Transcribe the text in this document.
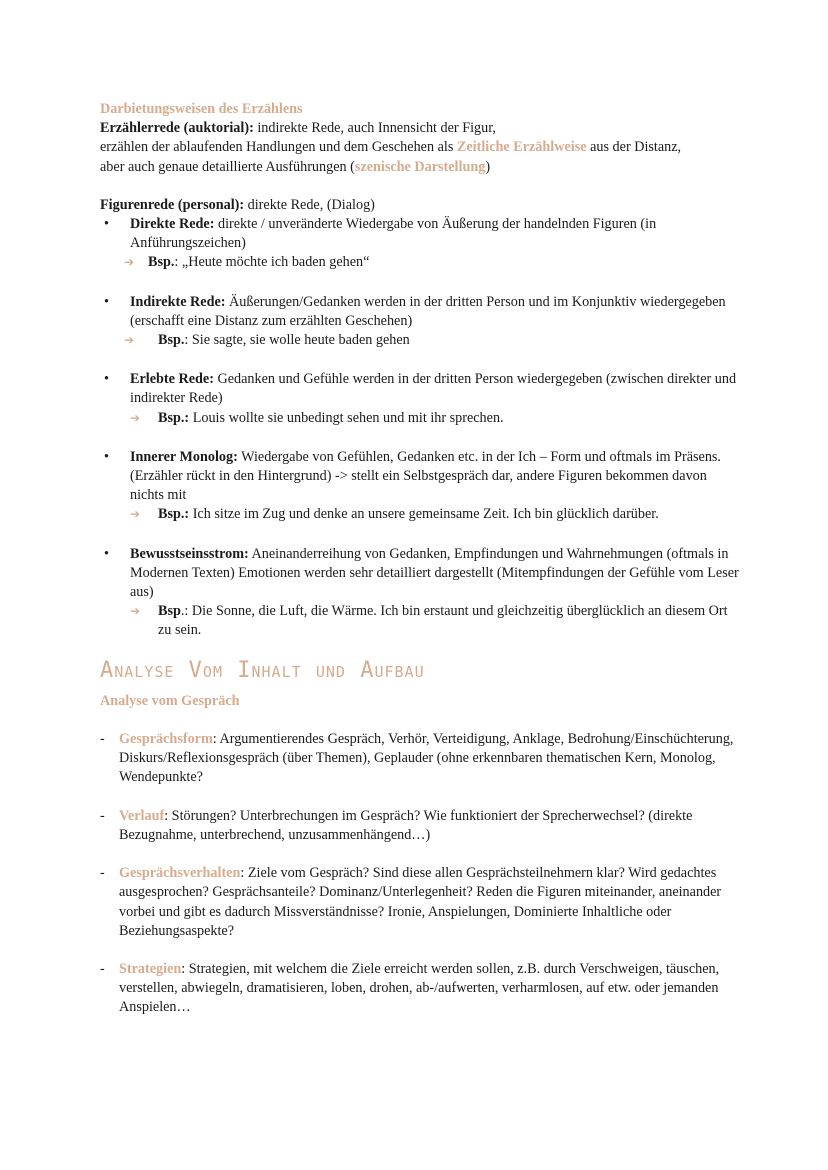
Darbietungsweisen des Erzählens

Erzählerrede (auktorial): indirekte Rede, auch Innensicht der Figur,
erzählen der ablaufenden Handlungen und dem Geschehen als Zeitliche Erzählweise aus der Distanz,
aber auch genaue detaillierte Ausführungen (szenische Darstellung)

Figurenrede (personal): direkte Rede, (Dialog)

• Direkte Rede: direkte / unveränderte Wiedergabe von Äußerung der handelnden Figuren (in Anführungszeichen)
➔ Bsp.: „Heute möchte ich baden gehen“
• Indirekte Rede: Äußerungen/Gedanken werden in der dritten Person und im Konjunktiv wiedergegeben (erschafft eine Distanz zum erzählten Geschehen)
➔ Bsp.: Sie sagte, sie wolle heute baden gehen
• Erlebte Rede: Gedanken und Gefühle werden in der dritten Person wiedergegeben (zwischen direkter und indirekter Rede)
➔ Bsp.: Louis wollte sie unbedingt sehen und mit ihr sprechen.
• Innerer Monolog: Wiedergabe von Gefühlen, Gedanken etc. in der Ich – Form und oftmals im Präsens. (Erzähler rückt in den Hintergrund) -> stellt ein Selbstgespräch dar, andere Figuren bekommen davon nichts mit
➔ Bsp.: Ich sitze im Zug und denke an unsere gemeinsame Zeit. Ich bin glücklich darüber.
• Bewusstseinsstrom: Aneinanderreihung von Gedanken, Empfindungen und Wahrnehmungen (oftmals in Modernen Texten) Emotionen werden sehr detailliert dargestellt (Mitempfindungen der Gefühle vom Leser aus)
➔ Bsp.: Die Sonne, die Luft, die Wärme. Ich bin erstaunt und gleichzeitig überglücklich an diesem Ort zu sein.
Analyse Vom Inhalt und Aufbau

Analyse vom Gespräch

- Gesprächsform: Argumentierendes Gespräch, Verhör, Verteidigung, Anklage, Bedrohung/Einschüchterung, Diskurs/Reflexionsgespräch (über Themen), Geplauder (ohne erkennbaren thematischen Kern, Monolog, Wendepunkte?
- Verlauf: Störungen? Unterbrechungen im Gespräch? Wie funktioniert der Sprecherwechsel? (direkte Bezugnahme, unterbrechend, unzusammenhängend…)
- Gesprächsverhalten: Ziele vom Gespräch? Sind diese allen Gesprächsteilnehmern klar? Wird gedachtes ausgesprochen? Gesprächsanteile? Dominanz/Unterlegenheit? Reden die Figuren miteinander, aneinander vorbei und gibt es dadurch Missverständnisse? Ironie, Anspielungen, Dominierte Inhaltliche oder Beziehungsaspekte?
- Strategien: Strategien, mit welchem die Ziele erreicht werden sollen, z.B. durch Verschweigen, täuschen, verstellen, abwiegeln, dramatisieren, loben, drohen, ab-/aufwerten, verharmlosen, auf etw. oder jemanden Anspielen…
